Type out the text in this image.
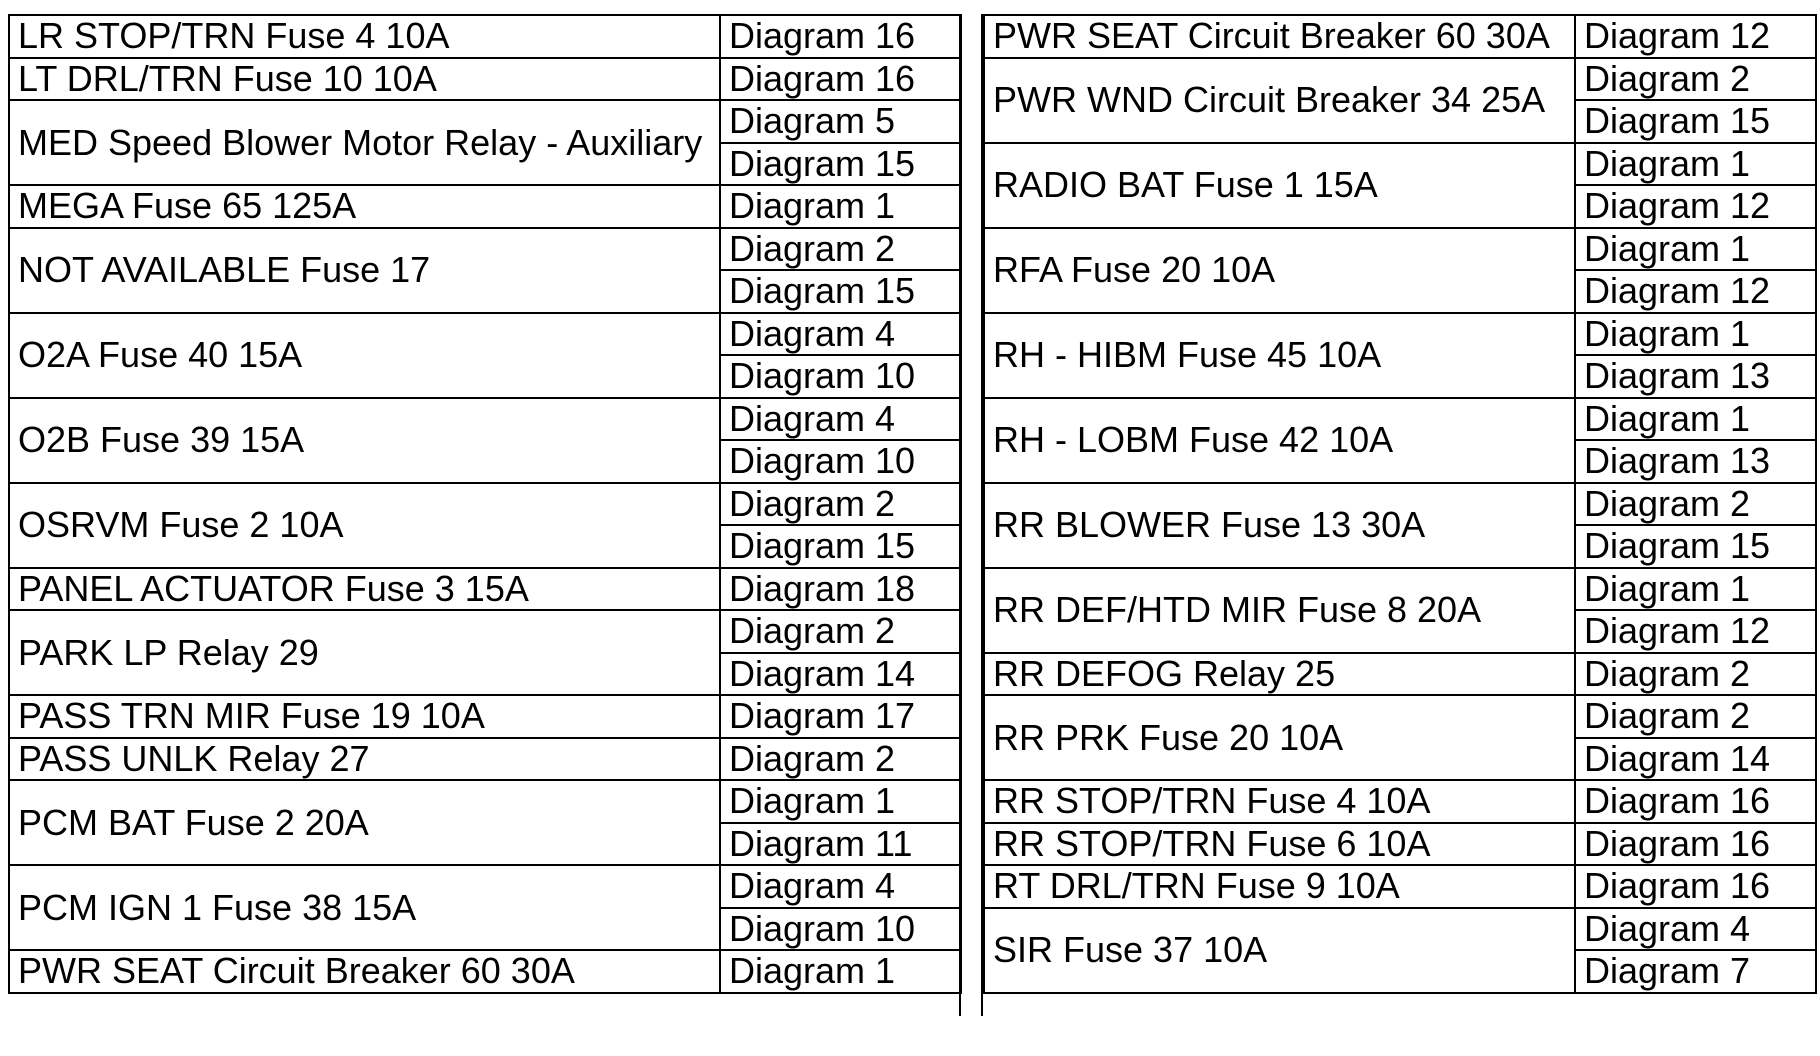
LR STOP/TRN Fuse 4 10A	Diagram 16
LT DRL/TRN Fuse 10 10A	Diagram 16
MED Speed Blower Motor Relay - Auxiliary	Diagram 5
	Diagram 15
MEGA Fuse 65 125A	Diagram 1
NOT AVAILABLE Fuse 17	Diagram 2
	Diagram 15
O2A Fuse 40 15A	Diagram 4
	Diagram 10
O2B Fuse 39 15A	Diagram 4
	Diagram 10
OSRVM Fuse 2 10A	Diagram 2
	Diagram 15
PANEL ACTUATOR Fuse 3 15A	Diagram 18
PARK LP Relay 29	Diagram 2
	Diagram 14
PASS TRN MIR Fuse 19 10A	Diagram 17
PASS UNLK Relay 27	Diagram 2
PCM BAT Fuse 2 20A	Diagram 1
	Diagram 11
PCM IGN 1 Fuse 38 15A	Diagram 4
	Diagram 10
PWR SEAT Circuit Breaker 60 30A	Diagram 1
PWR SEAT Circuit Breaker 60 30A	Diagram 12
PWR WND Circuit Breaker 34 25A	Diagram 2
	Diagram 15
RADIO BAT Fuse 1 15A	Diagram 1
	Diagram 12
RFA Fuse 20 10A	Diagram 1
	Diagram 12
RH - HIBM Fuse 45 10A	Diagram 1
	Diagram 13
RH - LOBM Fuse 42 10A	Diagram 1
	Diagram 13
RR BLOWER Fuse 13 30A	Diagram 2
	Diagram 15
RR DEF/HTD MIR Fuse 8 20A	Diagram 1
	Diagram 12
RR DEFOG Relay 25	Diagram 2
RR PRK Fuse 20 10A	Diagram 2
	Diagram 14
RR STOP/TRN Fuse 4 10A	Diagram 16
RR STOP/TRN Fuse 6 10A	Diagram 16
RT DRL/TRN Fuse 9 10A	Diagram 16
SIR Fuse 37 10A	Diagram 4
	Diagram 7
